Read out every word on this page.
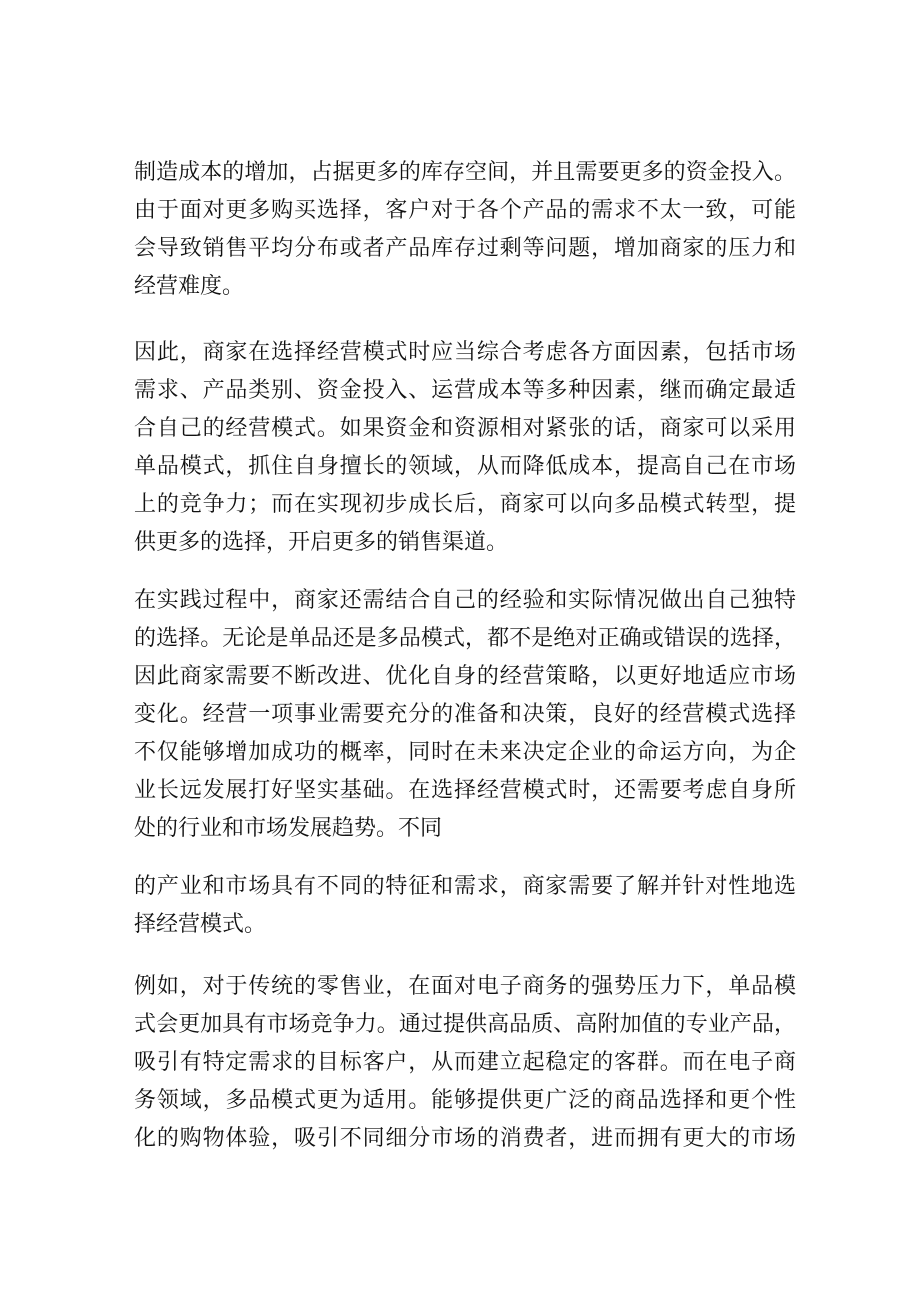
制造成本的增加，占据更多的库存空间，并且需要更多的资金投入。
由于面对更多购买选择，客户对于各个产品的需求不太一致，可能
会导致销售平均分布或者产品库存过剩等问题，增加商家的压力和
经营难度。
因此，商家在选择经营模式时应当综合考虑各方面因素，包括市场
需求、产品类别、资金投入、运营成本等多种因素，继而确定最适
合自己的经营模式。如果资金和资源相对紧张的话，商家可以采用
单品模式，抓住自身擅长的领域，从而降低成本，提高自己在市场
上的竞争力；而在实现初步成长后，商家可以向多品模式转型，提
供更多的选择，开启更多的销售渠道。
在实践过程中，商家还需结合自己的经验和实际情况做出自己独特
的选择。无论是单品还是多品模式，都不是绝对正确或错误的选择，
因此商家需要不断改进、优化自身的经营策略，以更好地适应市场
变化。经营一项事业需要充分的准备和决策，良好的经营模式选择
不仅能够增加成功的概率，同时在未来决定企业的命运方向，为企
业长远发展打好坚实基础。在选择经营模式时，还需要考虑自身所
处的行业和市场发展趋势。不同
的产业和市场具有不同的特征和需求，商家需要了解并针对性地选
择经营模式。
例如，对于传统的零售业，在面对电子商务的强势压力下，单品模
式会更加具有市场竞争力。通过提供高品质、高附加值的专业产品，
吸引有特定需求的目标客户，从而建立起稳定的客群。而在电子商
务领域，多品模式更为适用。能够提供更广泛的商品选择和更个性
化的购物体验，吸引不同细分市场的消费者，进而拥有更大的市场
